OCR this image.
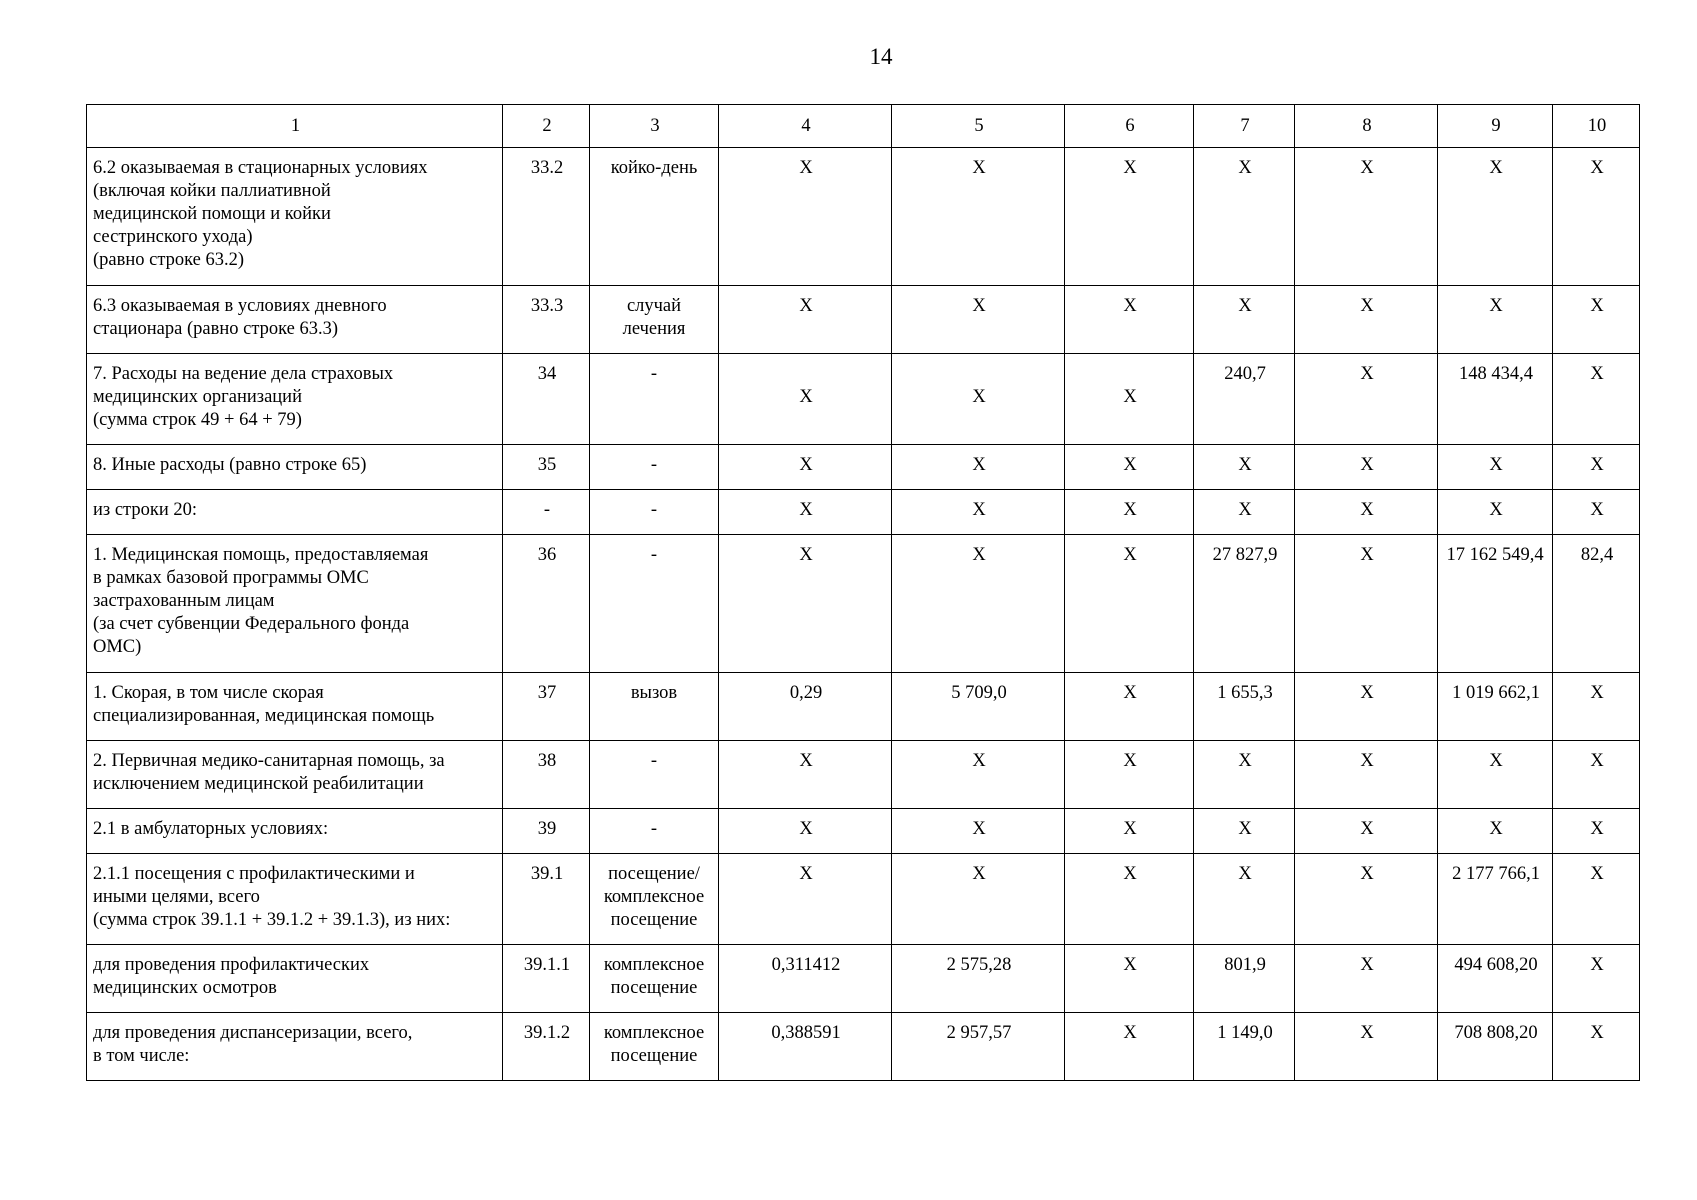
14
1	2	3	4	5	6	7	8	9	10
6.2 оказываемая в стационарных условиях
(включая койки паллиативной
медицинской помощи и койки
сестринского ухода)
(равно строке 63.2)	33.2	койко-день	X	X	X	X	X	X	X
6.3 оказываемая в условиях дневного
стационара (равно строке 63.3)	33.3	случай
лечения	X	X	X	X	X	X	X
7. Расходы на ведение дела страховых
медицинских организаций
(сумма строк 49 + 64 + 79)	34	-	X	X	X	240,7	X	148 434,4	X
8. Иные расходы (равно строке 65)	35	-	X	X	X	X	X	X	X
из строки 20:	-	-	X	X	X	X	X	X	X
1. Медицинская помощь, предоставляемая
в рамках базовой программы ОМС
застрахованным лицам
(за счет субвенции Федерального фонда
ОМС)	36	-	X	X	X	27 827,9	X	17 162 549,4	82,4
1. Скорая, в том числе скорая
специализированная, медицинская помощь	37	вызов	0,29	5 709,0	X	1 655,3	X	1 019 662,1	X
2. Первичная медико-санитарная помощь, за
исключением медицинской реабилитации	38	-	X	X	X	X	X	X	X
2.1 в амбулаторных условиях:	39	-	X	X	X	X	X	X	X
2.1.1 посещения с профилактическими и
иными целями, всего
(сумма строк 39.1.1 + 39.1.2 + 39.1.3), из них:	39.1	посещение/
комплексное
посещение	X	X	X	X	X	2 177 766,1	X
для проведения профилактических
медицинских осмотров	39.1.1	комплексное
посещение	0,311412	2 575,28	X	801,9	X	494 608,20	X
для проведения диспансеризации, всего,
в том числе:	39.1.2	комплексное
посещение	0,388591	2 957,57	X	1 149,0	X	708 808,20	X
